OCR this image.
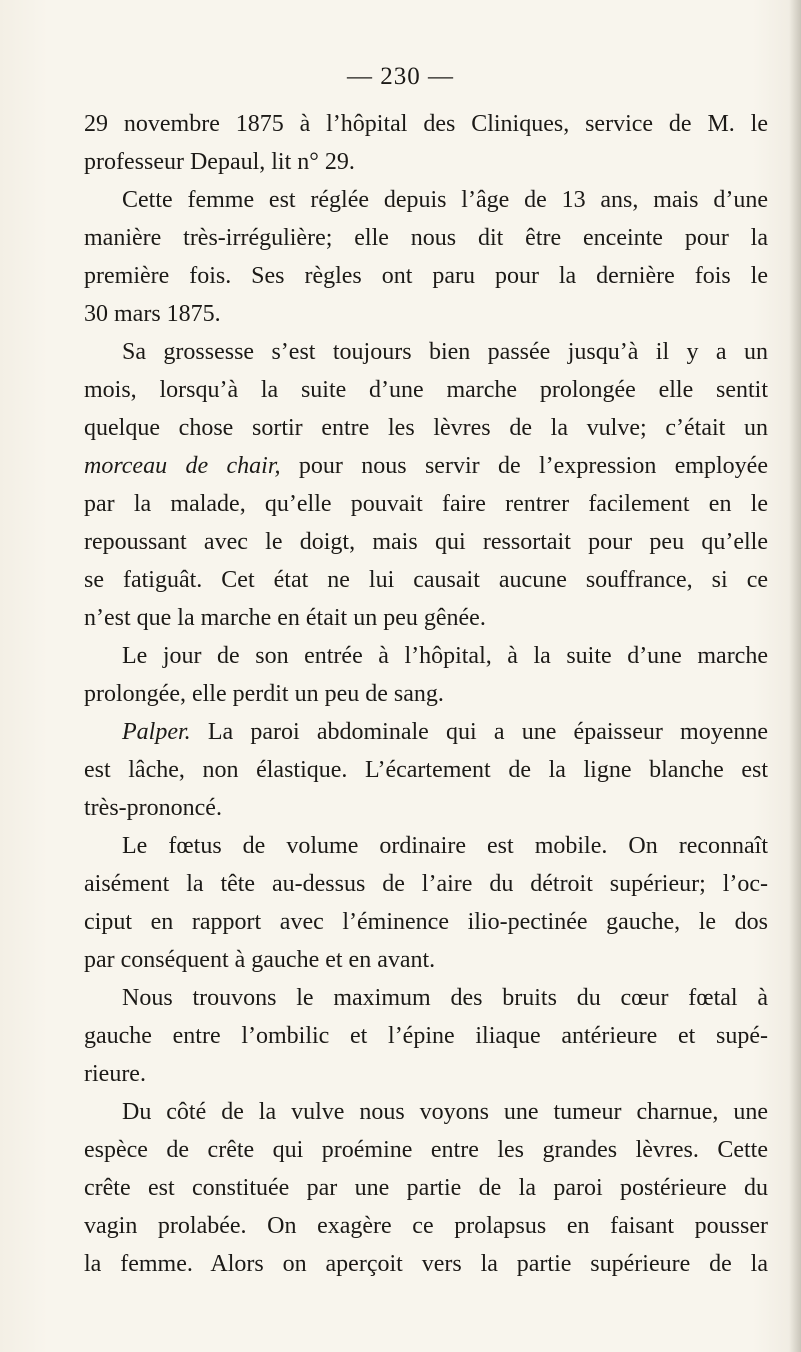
— 230 —
29 novembre 1875 à l’hôpital des Cliniques, service de M. le
professeur Depaul, lit n° 29.
Cette femme est réglée depuis l’âge de 13 ans, mais d’une
manière très-irrégulière; elle nous dit être enceinte pour la
première fois. Ses règles ont paru pour la dernière fois le
30 mars 1875.
Sa grossesse s’est toujours bien passée jusqu’à il y a un
mois, lorsqu’à la suite d’une marche prolongée elle sentit
quelque chose sortir entre les lèvres de la vulve; c’était un
morceau de chair, pour nous servir de l’expression employée
par la malade, qu’elle pouvait faire rentrer facilement en le
repoussant avec le doigt, mais qui ressortait pour peu qu’elle
se fatiguât. Cet état ne lui causait aucune souffrance, si ce
n’est que la marche en était un peu gênée.
Le jour de son entrée à l’hôpital, à la suite d’une marche
prolongée, elle perdit un peu de sang.
Palper. La paroi abdominale qui a une épaisseur moyenne
est lâche, non élastique. L’écartement de la ligne blanche est
très-prononcé.
Le fœtus de volume ordinaire est mobile. On reconnaît
aisément la tête au-dessus de l’aire du détroit supérieur; l’oc-
ciput en rapport avec l’éminence ilio-pectinée gauche, le dos
par conséquent à gauche et en avant.
Nous trouvons le maximum des bruits du cœur fœtal à
gauche entre l’ombilic et l’épine iliaque antérieure et supé-
rieure.
Du côté de la vulve nous voyons une tumeur charnue, une
espèce de crête qui proémine entre les grandes lèvres. Cette
crête est constituée par une partie de la paroi postérieure du
vagin prolabée. On exagère ce prolapsus en faisant pousser
la femme. Alors on aperçoit vers la partie supérieure de la
